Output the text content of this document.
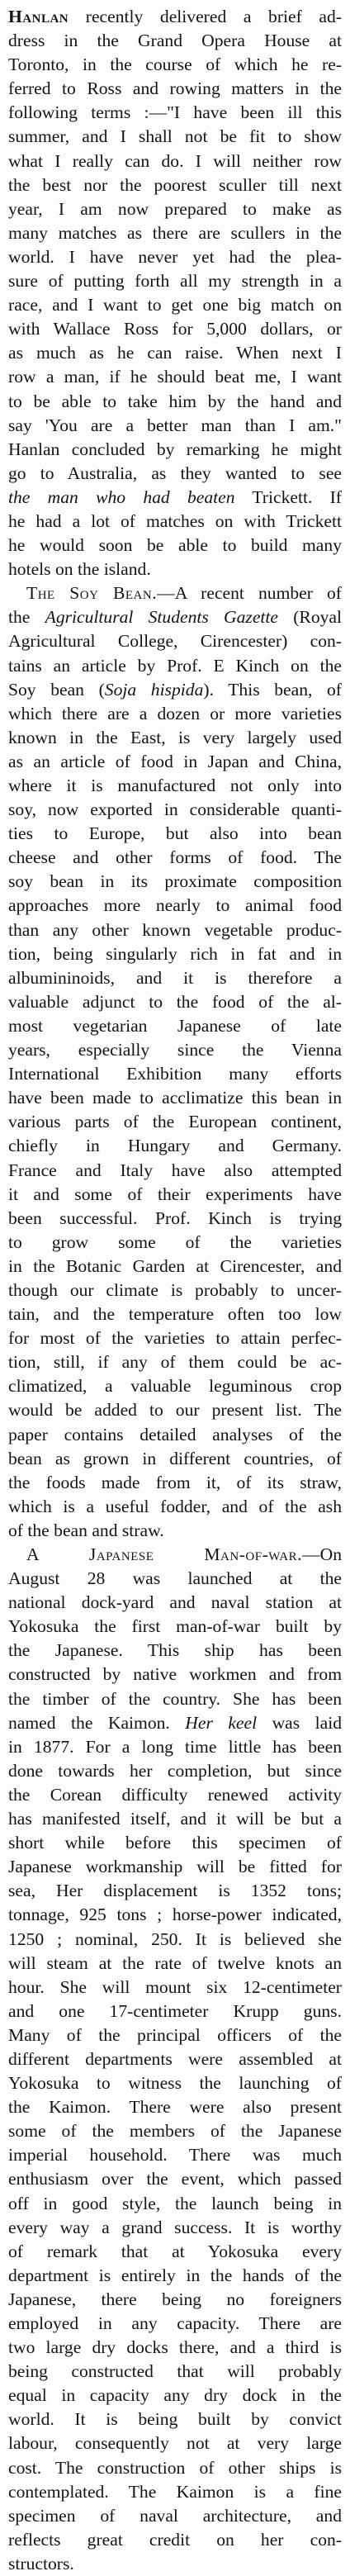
Hanlan recently delivered a brief ad-
dress in the Grand Opera House at
Toronto, in the course of which he re-
ferred to Ross and rowing matters in the
following terms :—"I have been ill this
summer, and I shall not be fit to show
what I really can do. I will neither row
the best nor the poorest sculler till next
year, I am now prepared to make as
many matches as there are scullers in the
world. I have never yet had the plea-
sure of putting forth all my strength in a
race, and I want to get one big match on
with Wallace Ross for 5,000 dollars, or
as much as he can raise. When next I
row a man, if he should beat me, I want
to be able to take him by the hand and
say 'You are a better man than I am."
Hanlan concluded by remarking he might
go to Australia, as they wanted to see
the man who had beaten Trickett. If
he had a lot of matches on with Trickett
he would soon be able to build many
hotels on the island.
The Soy Bean.—A recent number of
the Agricultural Students Gazette (Royal
Agricultural College, Cirencester) con-
tains an article by Prof. E Kinch on the
Soy bean (Soja hispida). This bean, of
which there are a dozen or more varieties
known in the East, is very largely used
as an article of food in Japan and China,
where it is manufactured not only into
soy, now exported in considerable quanti-
ties to Europe, but also into bean
cheese and other forms of food. The
soy bean in its proximate composition
approaches more nearly to animal food
than any other known vegetable produc-
tion, being singularly rich in fat and in
albumininoids, and it is therefore a
valuable adjunct to the food of the al-
most vegetarian Japanese of late
years, especially since the Vienna
International Exhibition many efforts
have been made to acclimatize this bean in
various parts of the European continent,
chiefly in Hungary and Germany.
France and Italy have also attempted
it and some of their experiments have
been successful. Prof. Kinch is trying
to grow some of the varieties
in the Botanic Garden at Cirencester, and
though our climate is probably to uncer-
tain, and the temperature often too low
for most of the varieties to attain perfec-
tion, still, if any of them could be ac-
climatized, a valuable leguminous crop
would be added to our present list. The
paper contains detailed analyses of the
bean as grown in different countries, of
the foods made from it, of its straw,
which is a useful fodder, and of the ash
of the bean and straw.
A Japanese Man-of-war.—On
August 28 was launched at the
national dock-yard and naval station at
Yokosuka the first man-of-war built by
the Japanese. This ship has been
constructed by native workmen and from
the timber of the country. She has been
named the Kaimon. Her keel was laid
in 1877. For a long time little has been
done towards her completion, but since
the Corean difficulty renewed activity
has manifested itself, and it will be but a
short while before this specimen of
Japanese workmanship will be fitted for
sea, Her displacement is 1352 tons;
tonnage, 925 tons ; horse-power indicated,
1250 ; nominal, 250. It is believed she
will steam at the rate of twelve knots an
hour. She will mount six 12-centimeter
and one 17-centimeter Krupp guns.
Many of the principal officers of the
different departments were assembled at
Yokosuka to witness the launching of
the Kaimon. There were also present
some of the members of the Japanese
imperial household. There was much
enthusiasm over the event, which passed
off in good style, the launch being in
every way a grand success. It is worthy
of remark that at Yokosuka every
department is entirely in the hands of the
Japanese, there being no foreigners
employed in any capacity. There are
two large dry docks there, and a third is
being constructed that will probably
equal in capacity any dry dock in the
world. It is being built by convict
labour, consequently not at very large
cost. The construction of other ships is
contemplated. The Kaimon is a fine
specimen of naval architecture, and
reflects great credit on her con-
structors.
